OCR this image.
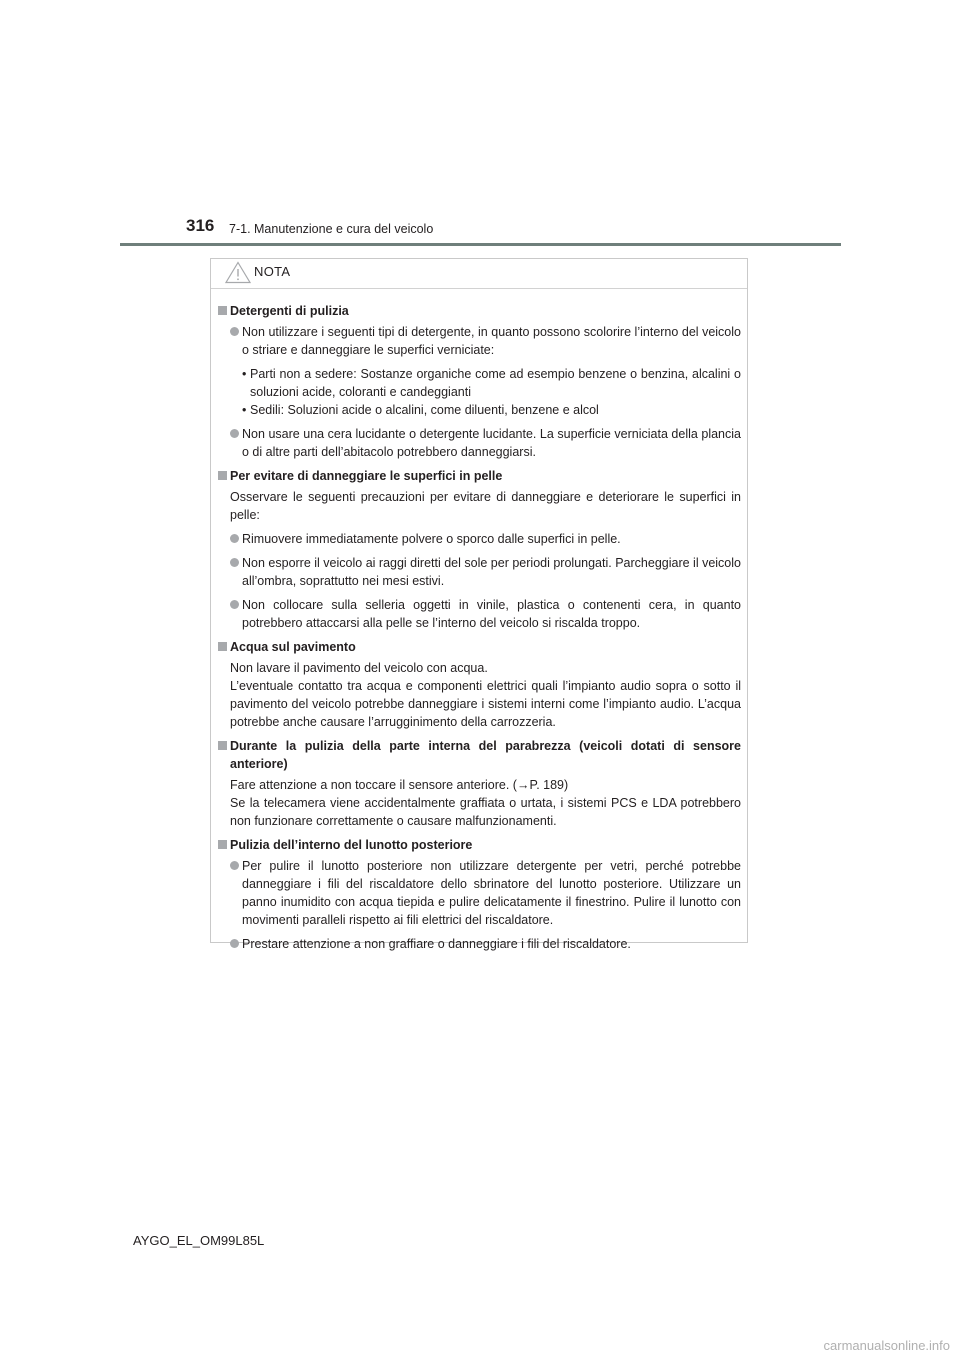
316 7-1. Manutenzione e cura del veicolo
NOTA
Detergenti di pulizia
Non utilizzare i seguenti tipi di detergente, in quanto possono scolorire l’interno del veicolo o striare e danneggiare le superfici verniciate:
• Parti non a sedere: Sostanze organiche come ad esempio benzene o benzina, alcalini o soluzioni acide, coloranti e candeggianti
• Sedili: Soluzioni acide o alcalini, come diluenti, benzene e alcol
Non usare una cera lucidante o detergente lucidante. La superficie verniciata della plancia o di altre parti dell’abitacolo potrebbero danneggiarsi.
Per evitare di danneggiare le superfici in pelle
Osservare le seguenti precauzioni per evitare di danneggiare e deteriorare le superfici in pelle:
Rimuovere immediatamente polvere o sporco dalle superfici in pelle.
Non esporre il veicolo ai raggi diretti del sole per periodi prolungati. Parcheggiare il veicolo all’ombra, soprattutto nei mesi estivi.
Non collocare sulla selleria oggetti in vinile, plastica o contenenti cera, in quanto potrebbero attaccarsi alla pelle se l’interno del veicolo si riscalda troppo.
Acqua sul pavimento
Non lavare il pavimento del veicolo con acqua.
L’eventuale contatto tra acqua e componenti elettrici quali l’impianto audio sopra o sotto il pavimento del veicolo potrebbe danneggiare i sistemi interni come l’impianto audio. L’acqua potrebbe anche causare l’arrugginimento della carrozzeria.
Durante la pulizia della parte interna del parabrezza (veicoli dotati di sensore anteriore)
Fare attenzione a non toccare il sensore anteriore. (→P. 189)
Se la telecamera viene accidentalmente graffiata o urtata, i sistemi PCS e LDA potrebbero non funzionare correttamente o causare malfunzionamenti.
Pulizia dell’interno del lunotto posteriore
Per pulire il lunotto posteriore non utilizzare detergente per vetri, perché potrebbe danneggiare i fili del riscaldatore dello sbrinatore del lunotto posteriore. Utilizzare un panno inumidito con acqua tiepida e pulire delicatamente il finestrino. Pulire il lunotto con movimenti paralleli rispetto ai fili elettrici del riscaldatore.
Prestare attenzione a non graffiare o danneggiare i fili del riscaldatore.
AYGO_EL_OM99L85L
carmanualsonline.info
